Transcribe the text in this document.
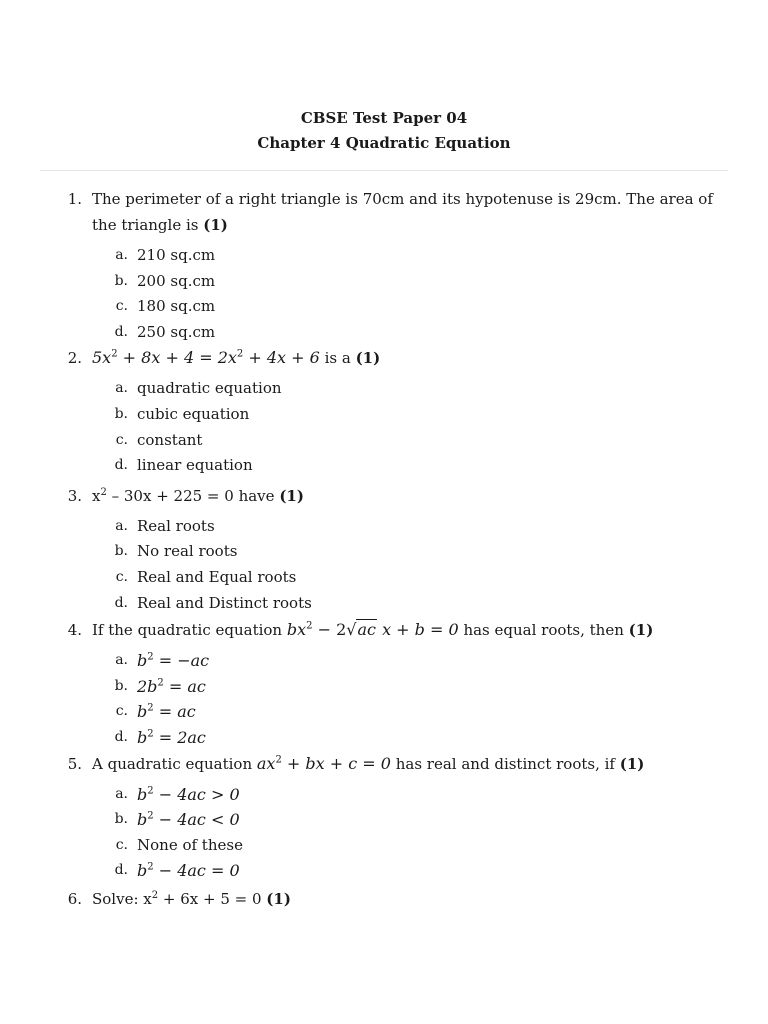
CBSE Test Paper 04
Chapter 4 Quadratic Equation
1. The perimeter of a right triangle is 70cm and its hypotenuse is 29cm. The area of the triangle is (1)
a. 210 sq.cm
b. 200 sq.cm
c. 180 sq.cm
d. 250 sq.cm
2. $5x^2 + 8x + 4 = 2x^2 + 4x + 6$ is a (1)
a. quadratic equation
b. cubic equation
c. constant
d. linear equation
3. $x^2 - 30x + 225 = 0$ have (1)
a. Real roots
b. No real roots
c. Real and Equal roots
d. Real and Distinct roots
4. If the quadratic equation $bx^2 - 2√ac$ x + b = 0 has equal roots, then (1)
a. $b^2 = -ac$
b. $2b^2$ = ac
c. $b^2$ = ac
d. $b^2 = 2ac$
5. A quadratic equation $ax^2$ + bx + c = 0 has real and distinct roots, if (1)
a. $b^2 - 4ac > 0$
b. $b^2 - 4ac < 0$
c. None of these
d. $b^2 - 4ac = 0$
6. Solve: $x^2 + 6x + 5 = 0$ (1)
